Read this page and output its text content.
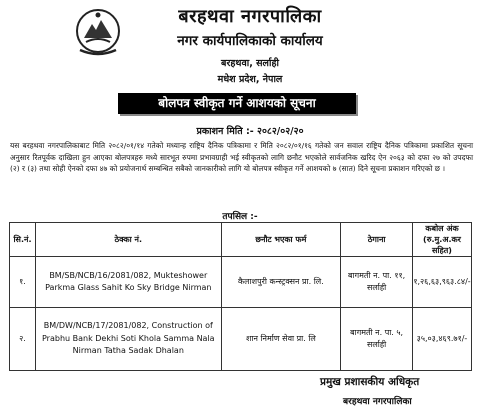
बरहथवा नगरपालिका
नगर कार्यपालिकाको कार्यालय
बरहथवा, सर्लाही
मधेश प्रदेश, नेपाल
बोलपत्र स्वीकृत गर्ने आशयको सूचना
प्रकाशन मिति :- २०८२/०२/२०
यस बरहथवा नगरपालिकाबाट मिति २०८२/०१/१४ गतेको मध्यान्ह राष्ट्रिय दैनिक पत्रिकामा र मिति २०८२/०१/१६ गतेको जन सवाल राष्ट्रिय दैनिक पत्रिकामा प्रकाशित सूचना अनुसार रितपूर्वक दाखिला हुन आएका बोलपत्रहरु मध्ये सारभूत रुपमा प्रभावग्राही भई स्वीकृतको लागि छनौट भएकोले सार्वजनिक खरिद ऐन २०६३ को दफा २७ को उपदफा (२) र (३) तथा सोही ऐनको दफा ४७ को प्रयोजनार्थ सम्बन्धित सबैको जानकारीको लागि यो बोलपत्र स्वीकृत गर्ने आशयको ७ (सात) दिने सूचना प्रकाशन गरिएको छ ।
तपसिल :-
सि.नं.	ठेक्का नं.	छनौट भएका फर्म	ठेगाना	कबोल अंक (रु.मु.अ.कर सहित)
१.	BM/SB/NCB/16/2081/082, Mukteshower Parkma Glass Sahit Ko Sky Bridge Nirman	कैलाशपुरी कन्स्ट्रक्सन प्रा. लि.	बागमती न. पा. ११, सर्लाही	१,२६,६३,९६३.८४/-
२.	BM/DW/NCB/17/2081/082, Construction of Prabhu Bank Dekhi Soti Khola Samma Nala Nirman Tatha Sadak Dhalan	शान निर्माण सेवा प्रा. लि	बागमती न. पा. ५, सर्लाही	३५,०३,४६९.७१/-
प्रमुख प्रशासकीय अधिकृत
बरहथवा नगरपालिका
